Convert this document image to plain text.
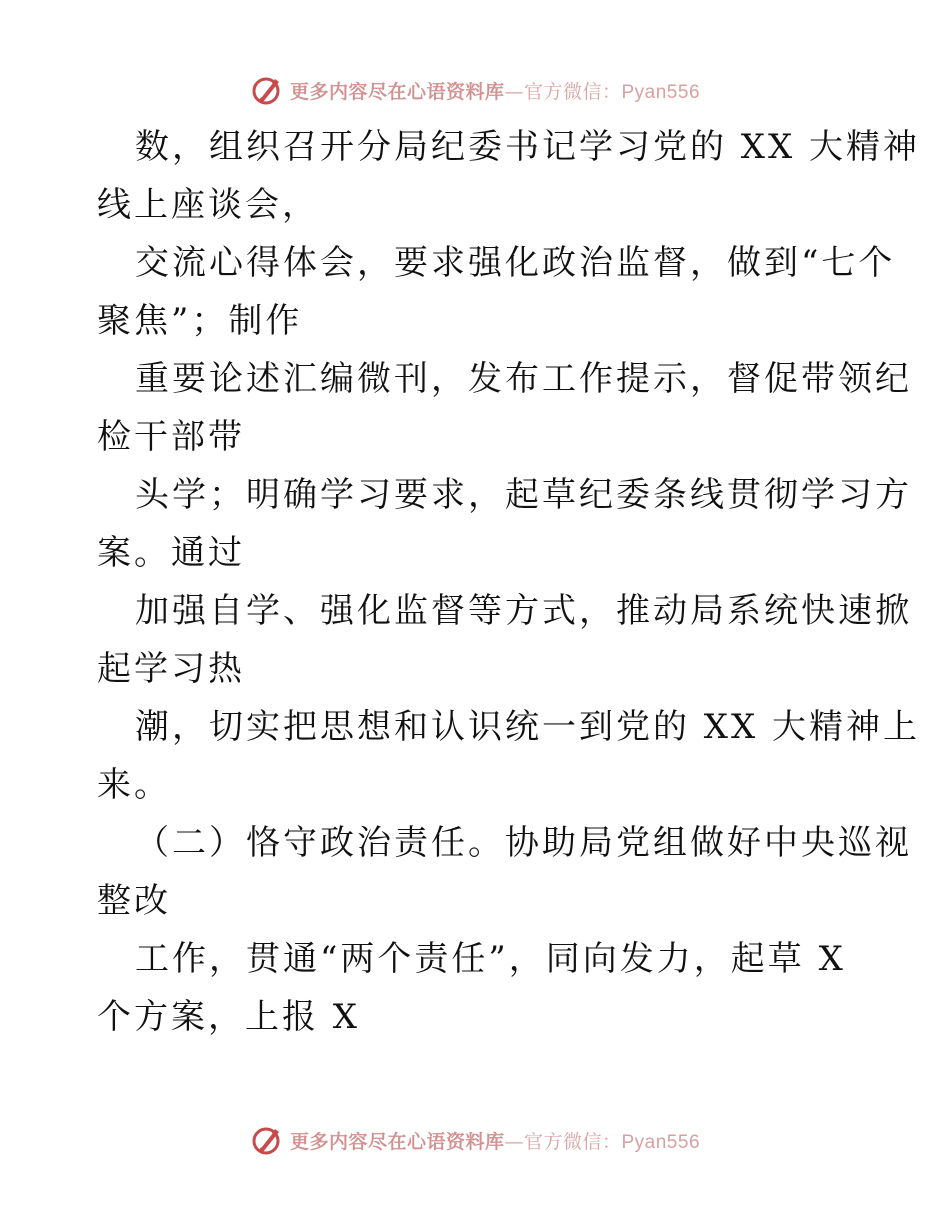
更多内容尽在心语资料库—官方微信：Pyan556
数，组织召开分局纪委书记学习党的 XX 大精神
线上座谈会，
交流心得体会，要求强化政治监督，做到“七个
聚焦”；制作
重要论述汇编微刊，发布工作提示，督促带领纪
检干部带
头学；明确学习要求，起草纪委条线贯彻学习方
案。通过
加强自学、强化监督等方式，推动局系统快速掀
起学习热
潮，切实把思想和认识统一到党的 XX 大精神上
来。
（二）恪守政治责任。协助局党组做好中央巡视
整改
工作，贯通“两个责任”，同向发力，起草 X
个方案，上报 X
更多内容尽在心语资料库—官方微信：Pyan556
